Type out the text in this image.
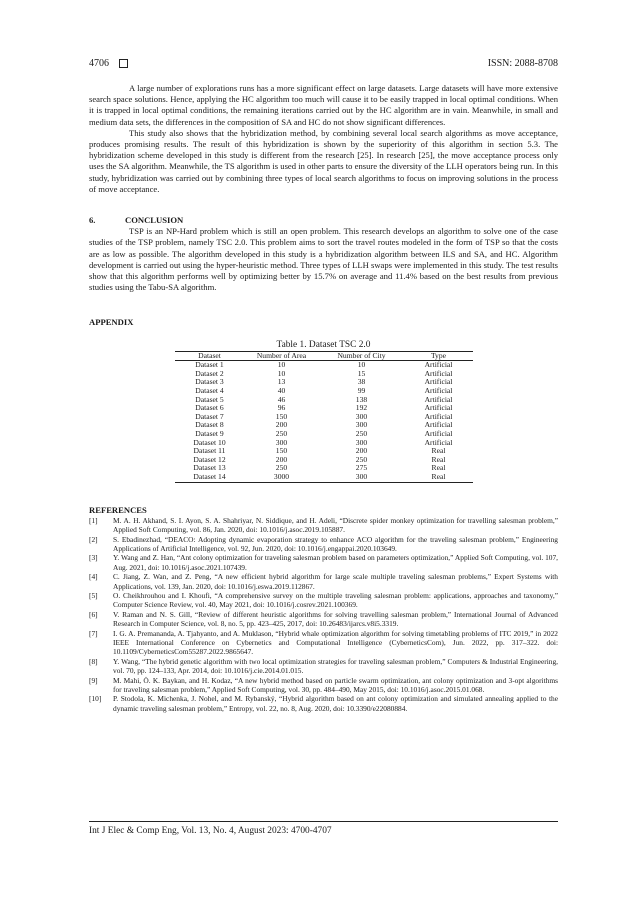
4706	ISSN: 2088-8708

A large number of explorations runs has a more significant effect on large datasets. Large datasets will have more extensive search space solutions. Hence, applying the HC algorithm too much will cause it to be easily trapped in local optimal conditions. When it is trapped in local optimal conditions, the remaining iterations carried out by the HC algorithm are in vain. Meanwhile, in small and medium data sets, the differences in the composition of SA and HC do not show significant differences.

This study also shows that the hybridization method, by combining several local search algorithms as move acceptance, produces promising results. The result of this hybridization is shown by the superiority of this algorithm in section 5.3. The hybridization scheme developed in this study is different from the research [25]. In research [25], the move acceptance process only uses the SA algorithm. Meanwhile, the TS algorithm is used in other parts to ensure the diversity of the LLH operators being run. In this study, hybridization was carried out by combining three types of local search algorithms to focus on improving solutions in the process of move acceptance.

6.	CONCLUSION

TSP is an NP-Hard problem which is still an open problem. This research develops an algorithm to solve one of the case studies of the TSP problem, namely TSC 2.0. This problem aims to sort the travel routes modeled in the form of TSP so that the costs are as low as possible. The algorithm developed in this study is a hybridization algorithm between ILS and SA, and HC. Algorithm development is carried out using the hyper-heuristic method. Three types of LLH swaps were implemented in this study. The test results show that this algorithm performs well by optimizing better by 15.7% on average and 11.4% based on the best results from previous studies using the Tabu-SA algorithm.

APPENDIX
Table 1. Dataset TSC 2.0
Dataset	Number of Area	Number of City	Type
Dataset 1	10	10	Artificial
Dataset 2	10	15	Artificial
Dataset 3	13	38	Artificial
Dataset 4	40	99	Artificial
Dataset 5	46	138	Artificial
Dataset 6	96	192	Artificial
Dataset 7	150	300	Artificial
Dataset 8	200	300	Artificial
Dataset 9	250	250	Artificial
Dataset 10	300	300	Artificial
Dataset 11	150	200	Real
Dataset 12	200	250	Real
Dataset 13	250	275	Real
Dataset 14	3000	300	Real
REFERENCES
[1]	M. A. H. Akhand, S. I. Ayon, S. A. Shahriyar, N. Siddique, and H. Adeli, “Discrete spider monkey optimization for travelling salesman problem,” Applied Soft Computing, vol. 86, Jan. 2020, doi: 10.1016/j.asoc.2019.105887.
[2]	S. Ebadinezhad, “DEACO: Adopting dynamic evaporation strategy to enhance ACO algorithm for the traveling salesman problem,” Engineering Applications of Artificial Intelligence, vol. 92, Jun. 2020, doi: 10.1016/j.engappai.2020.103649.
[3]	Y. Wang and Z. Han, “Ant colony optimization for traveling salesman problem based on parameters optimization,” Applied Soft Computing, vol. 107, Aug. 2021, doi: 10.1016/j.asoc.2021.107439.
[4]	C. Jiang, Z. Wan, and Z. Peng, “A new efficient hybrid algorithm for large scale multiple traveling salesman problems,” Expert Systems with Applications, vol. 139, Jan. 2020, doi: 10.1016/j.eswa.2019.112867.
[5]	O. Cheikhrouhou and I. Khoufi, “A comprehensive survey on the multiple traveling salesman problem: applications, approaches and taxonomy,” Computer Science Review, vol. 40, May 2021, doi: 10.1016/j.cosrev.2021.100369.
[6]	V. Raman and N. S. Gill, “Review of different heuristic algorithms for solving travelling salesman problem,” International Journal of Advanced Research in Computer Science, vol. 8, no. 5, pp. 423–425, 2017, doi: 10.26483/ijarcs.v8i5.3319.
[7]	I. G. A. Premananda, A. Tjahyanto, and A. Muklason, “Hybrid whale optimization algorithm for solving timetabling problems of ITC 2019,” in 2022 IEEE International Conference on Cybernetics and Computational Intelligence (CyberneticsCom), Jun. 2022, pp. 317–322. doi: 10.1109/CyberneticsCom55287.2022.9865647.
[8]	Y. Wang, “The hybrid genetic algorithm with two local optimization strategies for traveling salesman problem,” Computers & Industrial Engineering, vol. 70, pp. 124–133, Apr. 2014, doi: 10.1016/j.cie.2014.01.015.
[9]	M. Mahi, Ö. K. Baykan, and H. Kodaz, “A new hybrid method based on particle swarm optimization, ant colony optimization and 3-opt algorithms for traveling salesman problem,” Applied Soft Computing, vol. 30, pp. 484–490, May 2015, doi: 10.1016/j.asoc.2015.01.068.
[10]	P. Stodola, K. Michenka, J. Nohel, and M. Rybanský, “Hybrid algorithm based on ant colony optimization and simulated annealing applied to the dynamic traveling salesman problem,” Entropy, vol. 22, no. 8, Aug. 2020, doi: 10.3390/e22080884.
Int J Elec & Comp Eng, Vol. 13, No. 4, August 2023: 4700-4707
